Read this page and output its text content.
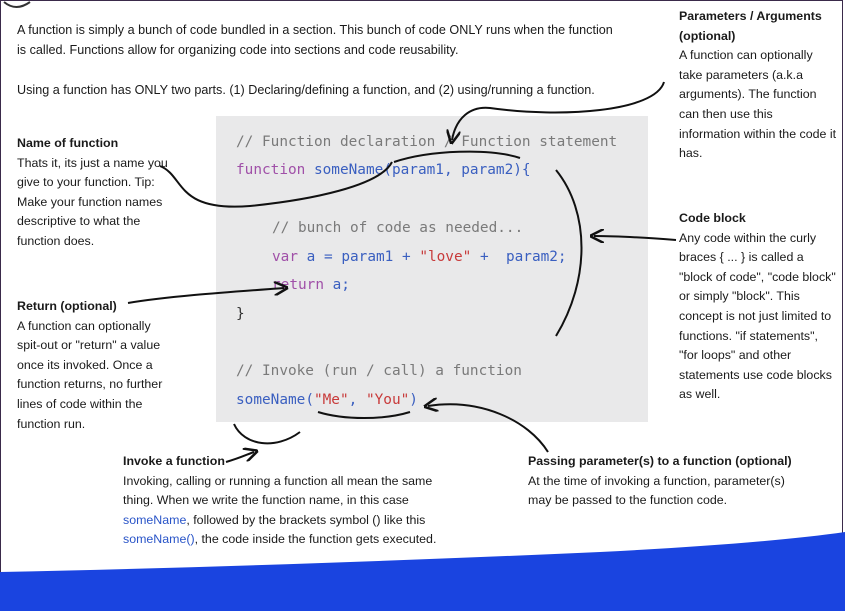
A function is simply a bunch of code bundled in a section. This bunch of code ONLY runs when the function is called. Functions allow for organizing code into sections and code reusability.
Using a function has ONLY two parts. (1) Declaring/defining a function, and (2) using/running a function.
// Function declaration / Function statement
function someName(param1, param2){
// bunch of code as needed...
var a = param1 + "love" +  param2;
return a;
}
// Invoke (run / call) a function
someName("Me", "You")
Name of function
Thats it, its just a name you give to your function. Tip: Make your function names descriptive to what the function does.
Return (optional)
A function can optionally spit-out or "return" a value once its invoked. Once a function returns, no further lines of code within the function run.
Parameters / Arguments (optional)
A function can optionally take parameters (a.k.a arguments). The function can then use this information within the code it has.
Code block
Any code within the curly braces { ... } is called a "block of code", "code block" or simply "block". This concept is not just limited to functions. "if statements", "for loops" and other statements use code blocks as well.
Invoke a function
Invoking, calling or running a function all mean the same thing. When we write the function name, in this case someName, followed by the brackets symbol () like this someName(), the code inside the function gets executed.
Passing parameter(s) to a function (optional)
At the time of invoking a function, parameter(s) may be passed to the function code.
